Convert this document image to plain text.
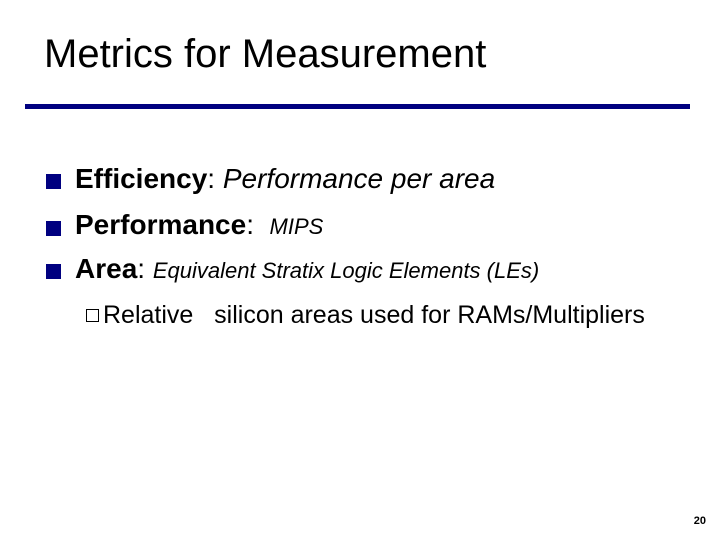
Metrics for Measurement
Efficiency: Performance per area
Performance: MIPS
Area: Equivalent Stratix Logic Elements (LEs)
Relative   silicon areas used for RAMs/Multipliers
20
